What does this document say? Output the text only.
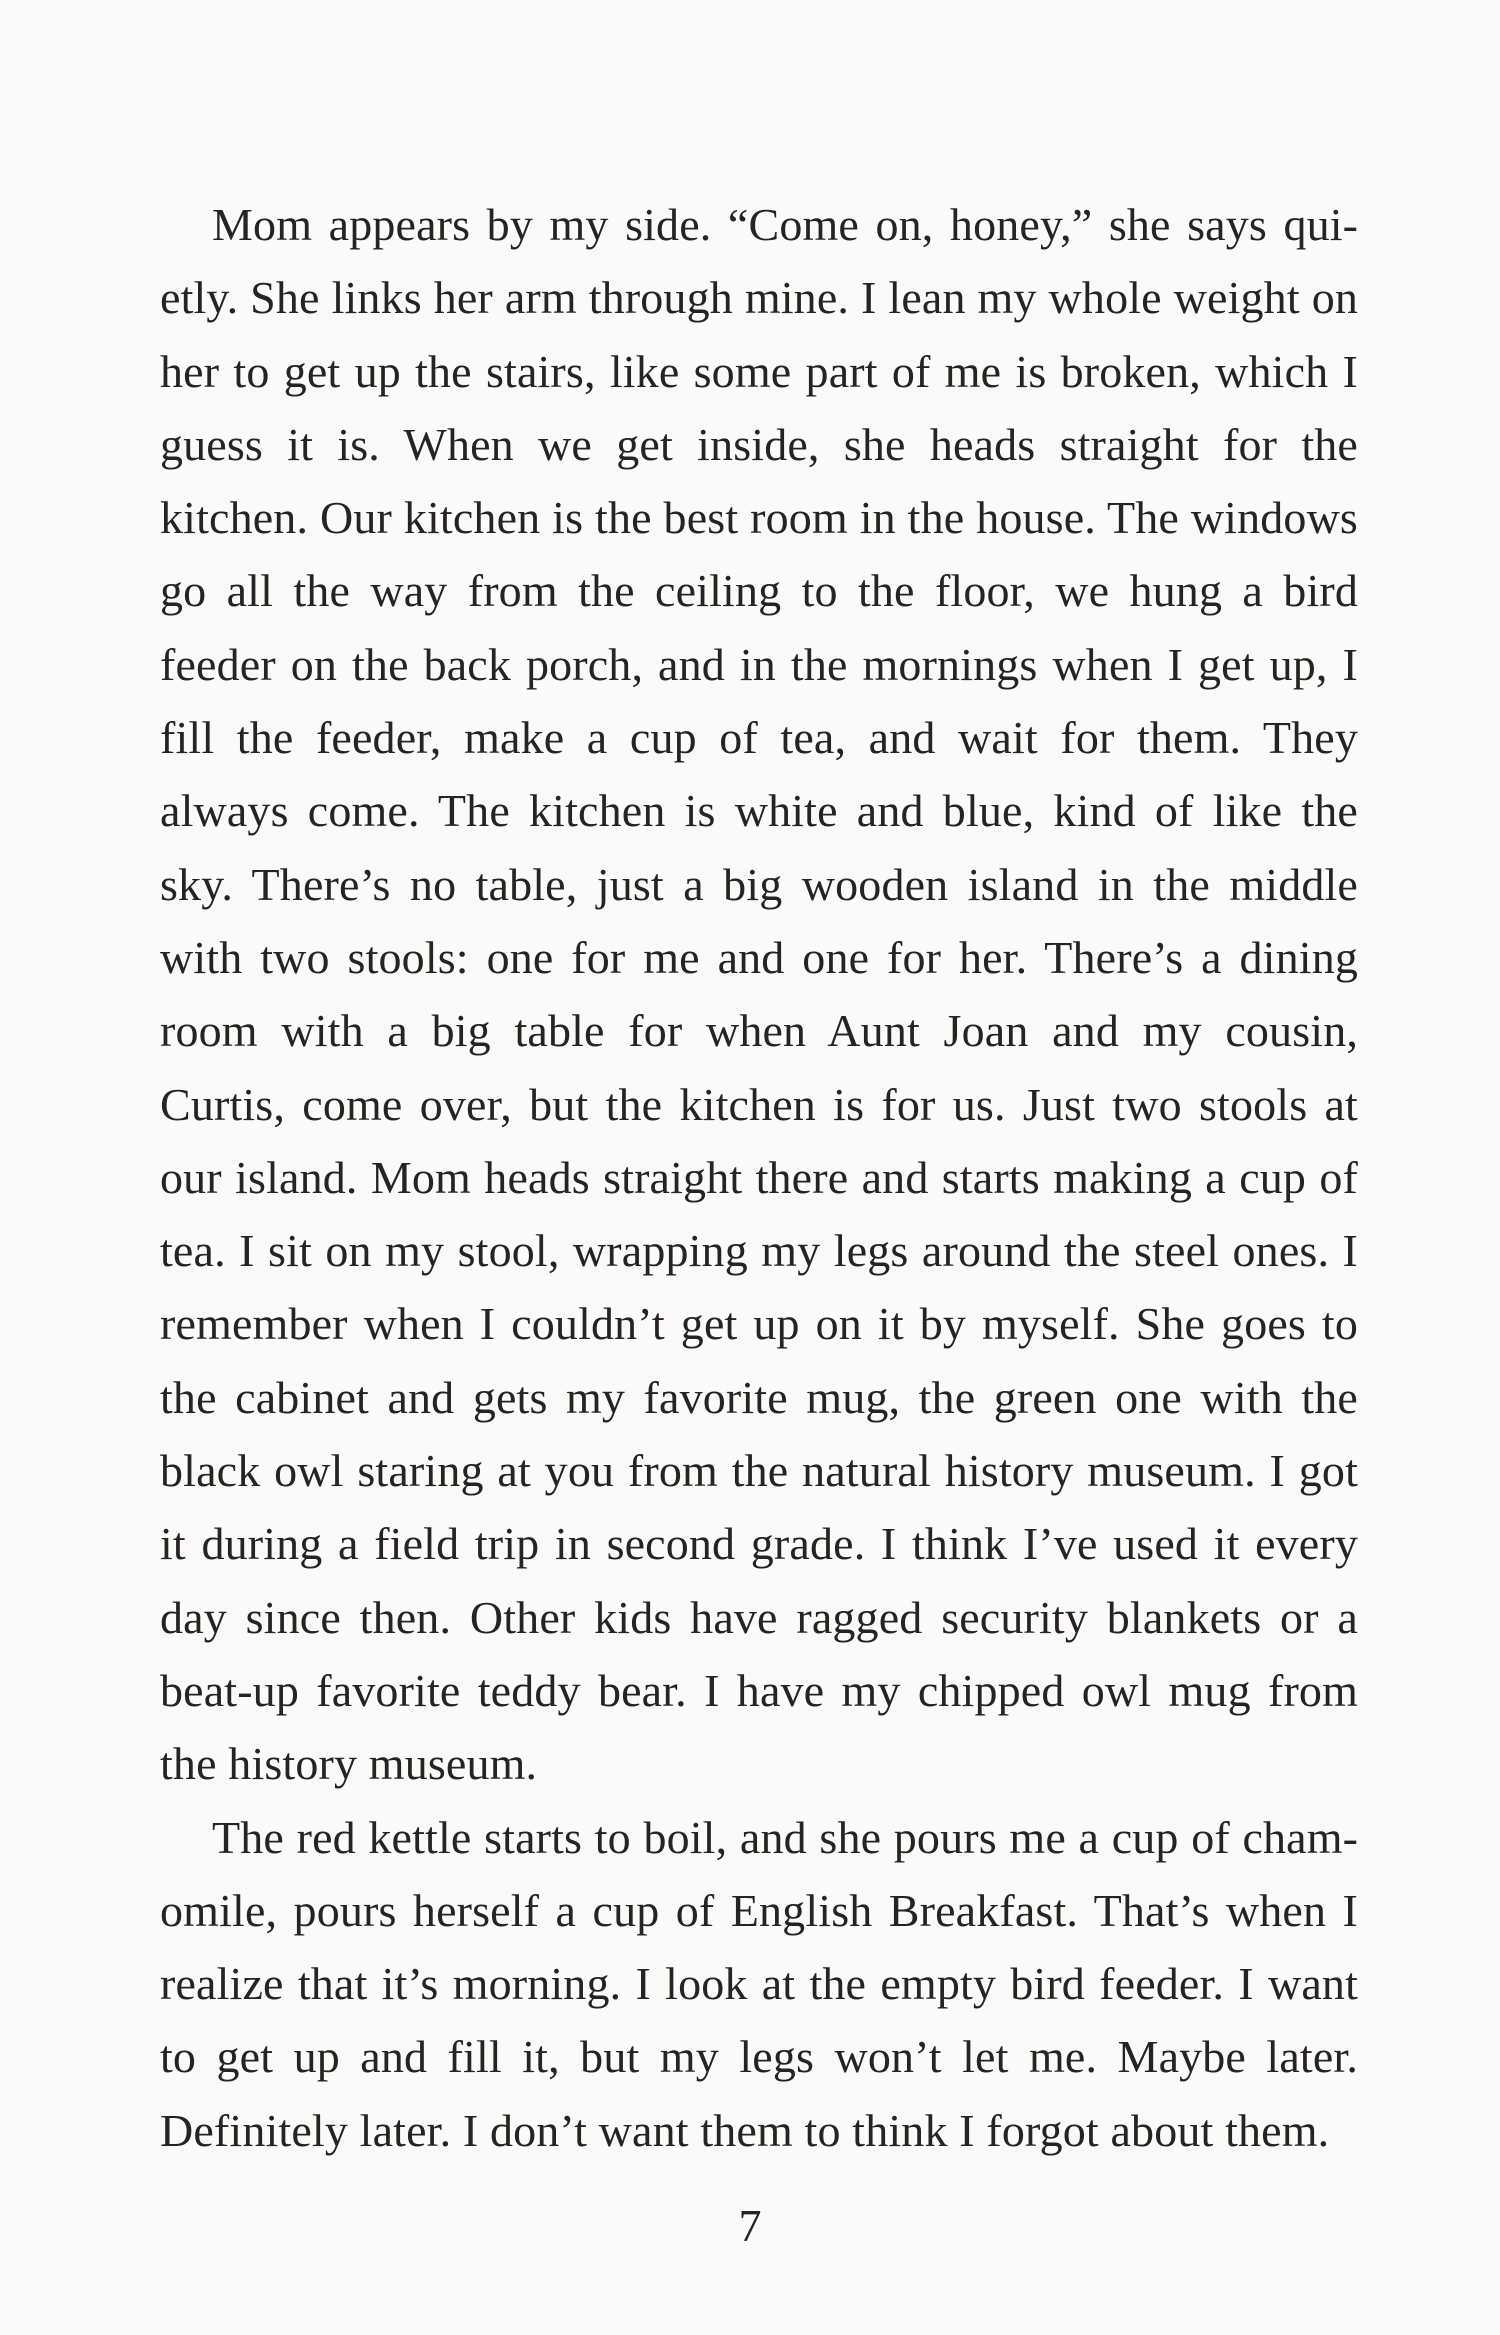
Mom appears by my side. “Come on, honey,” she says quietly. She links her arm through mine. I lean my whole weight on her to get up the stairs, like some part of me is broken, which I guess it is. When we get inside, she heads straight for the kitchen. Our kitchen is the best room in the house. The windows go all the way from the ceiling to the floor, we hung a bird feeder on the back porch, and in the mornings when I get up, I fill the feeder, make a cup of tea, and wait for them. They always come. The kitchen is white and blue, kind of like the sky. There’s no table, just a big wooden island in the middle with two stools: one for me and one for her. There’s a dining room with a big table for when Aunt Joan and my cousin, Curtis, come over, but the kitchen is for us. Just two stools at our island. Mom heads straight there and starts making a cup of tea. I sit on my stool, wrapping my legs around the steel ones. I remember when I couldn’t get up on it by myself. She goes to the cabinet and gets my favorite mug, the green one with the black owl staring at you from the natural history museum. I got it during a field trip in second grade. I think I’ve used it every day since then. Other kids have ragged security blankets or a beat-up favorite teddy bear. I have my chipped owl mug from the history museum.

The red kettle starts to boil, and she pours me a cup of chamomile, pours herself a cup of English Breakfast. That’s when I realize that it’s morning. I look at the empty bird feeder. I want to get up and fill it, but my legs won’t let me. Maybe later. Definitely later. I don’t want them to think I forgot about them.

7
